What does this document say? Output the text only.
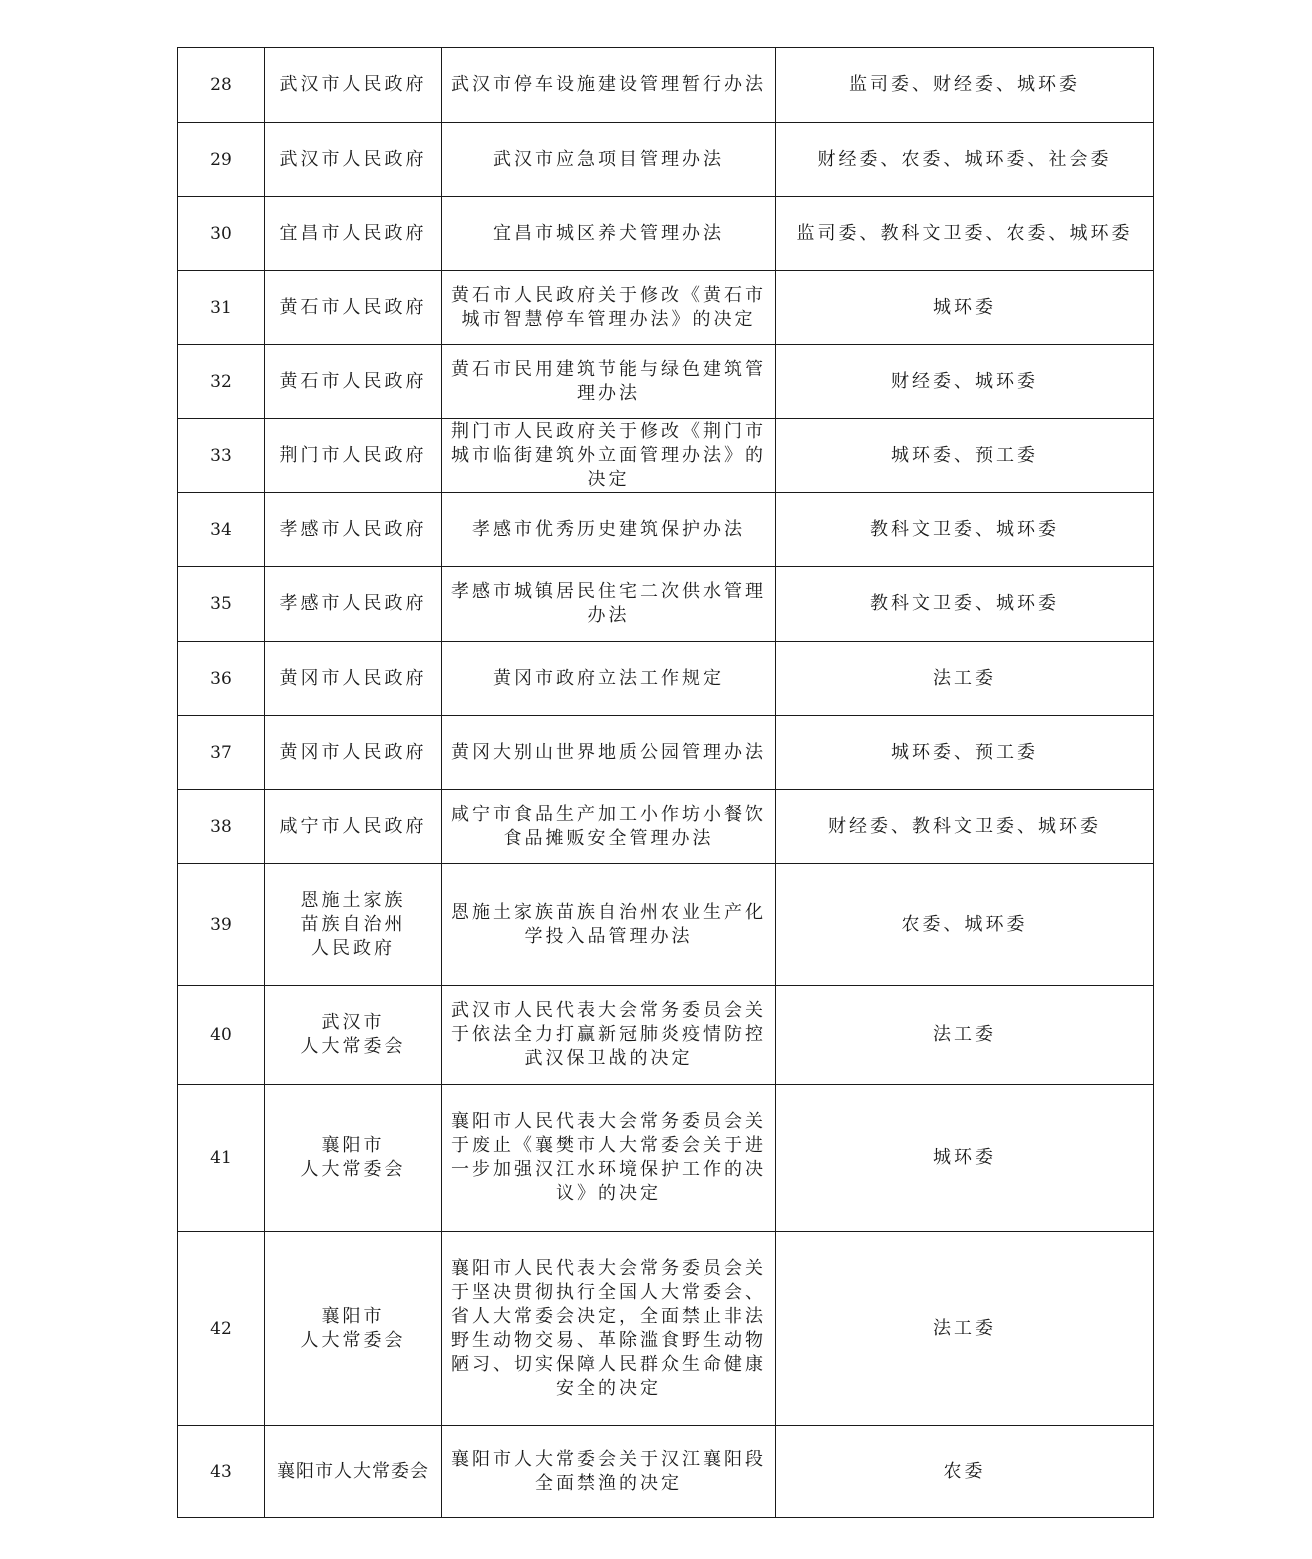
28	武汉市人民政府	武汉市停车设施建设管理暂行办法	监司委、财经委、城环委
29	武汉市人民政府	武汉市应急项目管理办法	财经委、农委、城环委、社会委
30	宜昌市人民政府	宜昌市城区养犬管理办法	监司委、教科文卫委、农委、城环委
31	黄石市人民政府	黄石市人民政府关于修改《黄石市城市智慧停车管理办法》的决定	城环委
32	黄石市人民政府	黄石市民用建筑节能与绿色建筑管理办法	财经委、城环委
33	荆门市人民政府	荆门市人民政府关于修改《荆门市城市临街建筑外立面管理办法》的决定	城环委、预工委
34	孝感市人民政府	孝感市优秀历史建筑保护办法	教科文卫委、城环委
35	孝感市人民政府	孝感市城镇居民住宅二次供水管理办法	教科文卫委、城环委
36	黄冈市人民政府	黄冈市政府立法工作规定	法工委
37	黄冈市人民政府	黄冈大别山世界地质公园管理办法	城环委、预工委
38	咸宁市人民政府	咸宁市食品生产加工小作坊小餐饮食品摊贩安全管理办法	财经委、教科文卫委、城环委
39	恩施土家族
苗族自治州
人民政府	恩施土家族苗族自治州农业生产化学投入品管理办法	农委、城环委
40	武汉市
人大常委会	武汉市人民代表大会常务委员会关于依法全力打赢新冠肺炎疫情防控武汉保卫战的决定	法工委
41	襄阳市
人大常委会	襄阳市人民代表大会常务委员会关于废止《襄樊市人大常委会关于进一步加强汉江水环境保护工作的决议》的决定	城环委
42	襄阳市
人大常委会	襄阳市人民代表大会常务委员会关于坚决贯彻执行全国人大常委会、省人大常委会决定，全面禁止非法野生动物交易、革除滥食野生动物陋习、切实保障人民群众生命健康安全的决定	法工委
43	襄阳市人大常委会	襄阳市人大常委会关于汉江襄阳段全面禁渔的决定	农委
